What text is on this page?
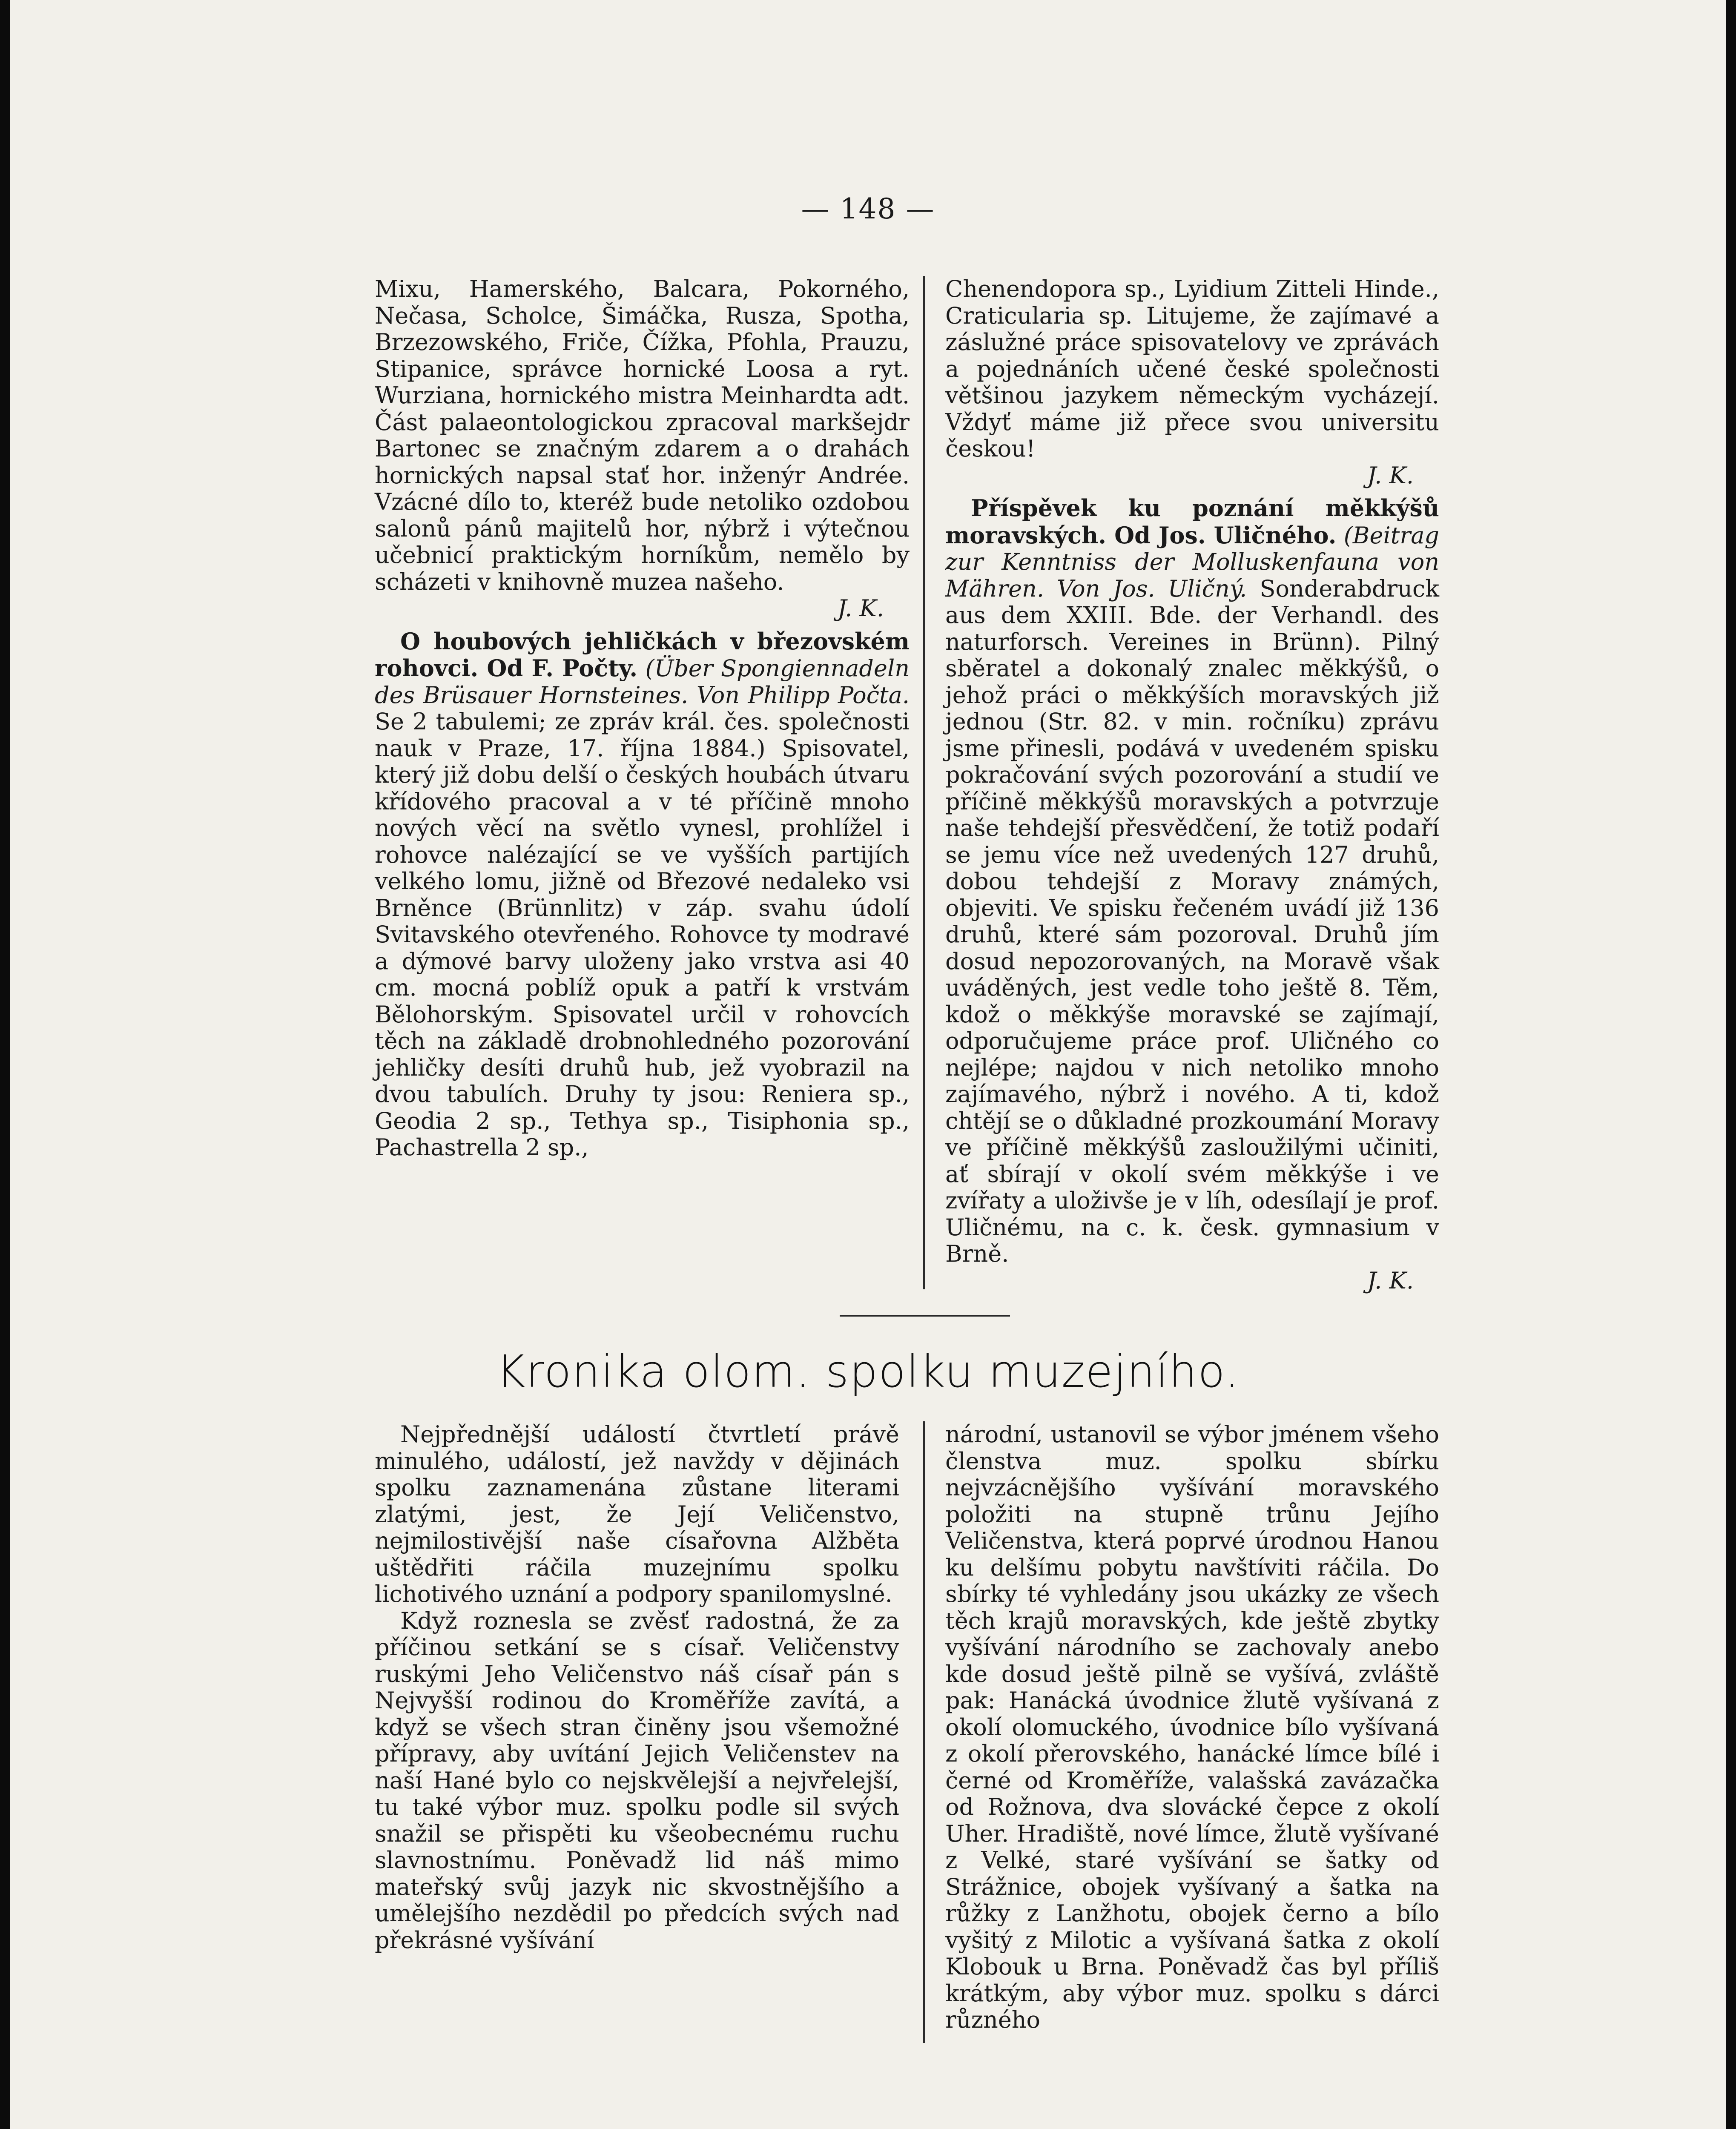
— 148 —

Mixu, Hamerského, Balcara, Pokorného, Nečasa, Scholce, Šimáčka, Rusza, Spotha, Brzezowského, Friče, Čížka, Pfohla, Prauzu, Stipanice, správce hornické Loosa a ryt. Wurziana, hornického mistra Meinhardta adt. Část palaeontologickou zpracoval markšejdr Bartonec se značným zdarem a o drahách hornických napsal stať hor. inženýr Andrée. Vzácné dílo to, kteréž bude netoliko ozdobou salonů pánů majitelů hor, nýbrž i výtečnou učebnicí praktickým horníkům, nemělo by scházeti v knihovně muzea našeho.

J. K.

O houbových jehličkách v březovském rohovci. Od F. Počty. (Über Spongiennadeln des Brüsauer Hornsteines. Von Philipp Počta. Se 2 tabulemi; ze zpráv král. čes. společnosti nauk v Praze, 17. října 1884.) Spisovatel, který již dobu delší o českých houbách útvaru křídového pracoval a v té příčině mnoho nových věcí na světlo vynesl, prohlížel i rohovce nalézající se ve vyšších partijích velkého lomu, jižně od Březové nedaleko vsi Brněnce (Brünnlitz) v záp. svahu údolí Svitavského otevřeného. Rohovce ty modravé a dýmové barvy uloženy jako vrstva asi 40 cm. mocná poblíž opuk a patří k vrstvám Bělohorským. Spisovatel určil v rohovcích těch na základě drobnohledného pozorování jehličky desíti druhů hub, jež vyobrazil na dvou tabulích. Druhy ty jsou: Reniera sp., Geodia 2 sp., Tethya sp., Tisiphonia sp., Pachastrella 2 sp.,

Chenendopora sp., Lyidium Zitteli Hinde., Craticularia sp. Litujeme, že zajímavé a záslužné práce spisovatelovy ve zprávách a pojednáních učené české společnosti většinou jazykem německým vycházejí. Vždyť máme již přece svou universitu českou!

J. K.

Příspěvek ku poznání měkkýšů moravských. Od Jos. Uličného. (Beitrag zur Kenntniss der Molluskenfauna von Mähren. Von Jos. Uličný. Sonderabdruck aus dem XXIII. Bde. der Verhandl. des naturforsch. Vereines in Brünn). Pilný sběratel a dokonalý znalec měkkýšů, o jehož práci o měkkýších moravských již jednou (Str. 82. v min. ročníku) zprávu jsme přinesli, podává v uvedeném spisku pokračování svých pozorování a studií ve příčině měkkýšů moravských a potvrzuje naše tehdejší přesvědčení, že totiž podaří se jemu více než uvedených 127 druhů, dobou tehdejší z Moravy známých, objeviti. Ve spisku řečeném uvádí již 136 druhů, které sám pozoroval. Druhů jím dosud nepozorovaných, na Moravě však uváděných, jest vedle toho ještě 8. Těm, kdož o měkkýše moravské se zajímají, odporučujeme práce prof. Uličného co nejlépe; najdou v nich netoliko mnoho zajímavého, nýbrž i nového. A ti, kdož chtějí se o důkladné prozkoumání Moravy ve příčině měkkýšů zasloužilými učiniti, ať sbírají v okolí svém měkkýše i ve zvířaty a uloživše je v líh, odesílají je prof. Uličnému, na c. k. česk. gymnasium v Brně.

J. K.

Kronika olom. spolku muzejního.

Nejpřednější událostí čtvrtletí právě minulého, událostí, jež navždy v dějinách spolku zaznamenána zůstane literami zlatými, jest, že Její Veličenstvo, nejmilostivější naše císařovna Alžběta uštědřiti ráčila muzejnímu spolku lichotivého uznání a podpory spanilomyslné.

Když roznesla se zvěsť radostná, že za příčinou setkání se s císař. Veličenstvy ruskými Jeho Veličenstvo náš císař pán s Nejvyšší rodinou do Kroměříže zavítá, a když se všech stran činěny jsou všemožné přípravy, aby uvítání Jejich Veličenstev na naší Hané bylo co nejskvělejší a nejvřelejší, tu také výbor muz. spolku podle sil svých snažil se přispěti ku všeobecnému ruchu slavnostnímu. Poněvadž lid náš mimo mateřský svůj jazyk nic skvostnějšího a umělejšího nezdědil po předcích svých nad překrásné vyšívání

národní, ustanovil se výbor jménem všeho členstva muz. spolku sbírku nejvzácnějšího vyšívání moravského položiti na stupně trůnu Jejího Veličenstva, která poprvé úrodnou Hanou ku delšímu pobytu navštíviti ráčila. Do sbírky té vyhledány jsou ukázky ze všech těch krajů moravských, kde ještě zbytky vyšívání národního se zachovaly anebo kde dosud ještě pilně se vyšívá, zvláště pak: Hanácká úvodnice žlutě vyšívaná z okolí olomuckého, úvodnice bílo vyšívaná z okolí přerovského, hanácké límce bílé i černé od Kroměříže, valašská zavázačka od Rožnova, dva slovácké čepce z okolí Uher. Hradiště, nové límce, žlutě vyšívané z Velké, staré vyšívání se šatky od Strážnice, obojek vyšívaný a šatka na růžky z Lanžhotu, obojek černo a bílo vyšitý z Milotic a vyšívaná šatka z okolí Klobouk u Brna. Poněvadž čas byl příliš krátkým, aby výbor muz. spolku s dárci různého
